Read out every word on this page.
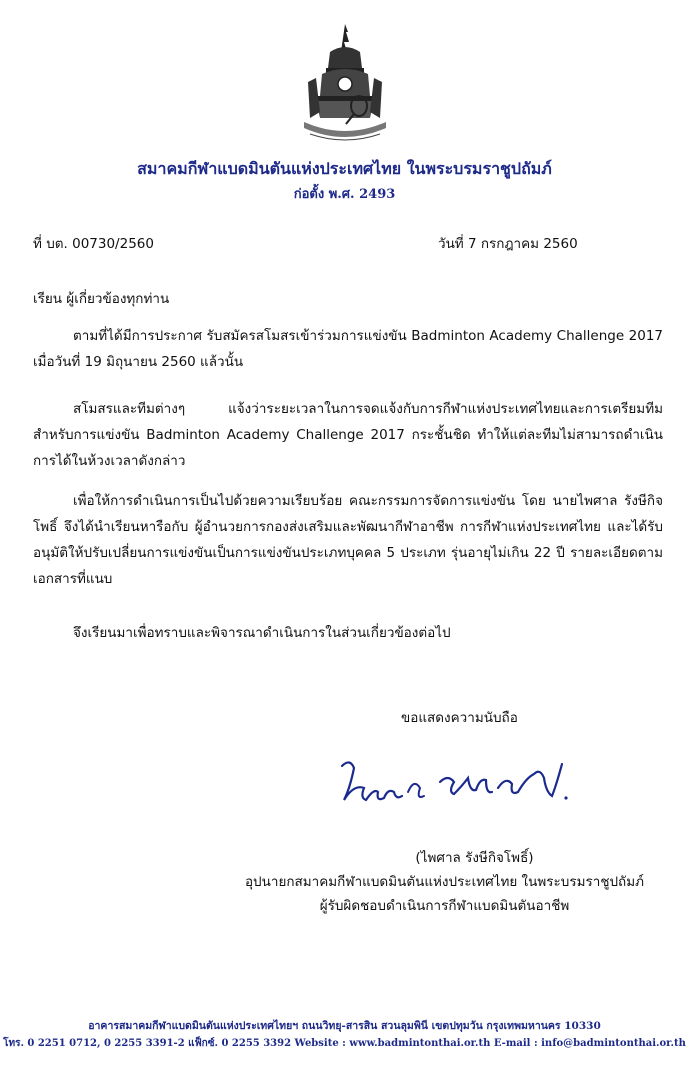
สมาคมกีฬาแบดมินตันแห่งประเทศไทย ในพระบรมราชูปถัมภ์
ก่อตั้ง พ.ศ. 2493
ที่ บต. 00730/2560	วันที่ 7 กรกฎาคม 2560
เรียน ผู้เกี่ยวข้องทุกท่าน
ตามที่ได้มีการประกาศ รับสมัครสโมสรเข้าร่วมการแข่งขัน Badminton Academy Challenge 2017 เมื่อวันที่ 19 มิถุนายน 2560 แล้วนั้น
สโมสรและทีมต่างๆ แจ้งว่าระยะเวลาในการจดแจ้งกับการกีฬาแห่งประเทศไทยและการเตรียมทีมสำหรับการแข่งขัน Badminton Academy Challenge 2017 กระชั้นชิด ทำให้แต่ละทีมไม่สามารถดำเนินการได้ในห้วงเวลาดังกล่าว
เพื่อให้การดำเนินการเป็นไปด้วยความเรียบร้อย คณะกรรมการจัดการแข่งขัน โดย นายไพศาล รังษีกิจโพธิ์ จึงได้นำเรียนหารือกับ ผู้อำนวยการกองส่งเสริมและพัฒนากีฬาอาชีพ การกีฬาแห่งประเทศไทย และได้รับอนุมัติให้ปรับเปลี่ยนการแข่งขันเป็นการแข่งขันประเภทบุคคล 5 ประเภท รุ่นอายุไม่เกิน 22 ปี รายละเอียดตามเอกสารที่แนบ
จึงเรียนมาเพื่อทราบและพิจารณาดำเนินการในส่วนเกี่ยวข้องต่อไป
ขอแสดงความนับถือ
(ไพศาล รังษีกิจโพธิ์)
อุปนายกสมาคมกีฬาแบดมินตันแห่งประเทศไทย ในพระบรมราชูปถัมภ์
ผู้รับผิดชอบดำเนินการกีฬาแบดมินตันอาชีพ
อาคารสมาคมกีฬาแบดมินตันแห่งประเทศไทยฯ ถนนวิทยุ-สารสิน สวนลุมพินี เขตปทุมวัน กรุงเทพมหานคร 10330
โทร. 0 2251 0712, 0 2255 3391-2 แฟ็กซ์. 0 2255 3392 Website : www.badmintonthai.or.th E-mail : info@badmintonthai.or.th
